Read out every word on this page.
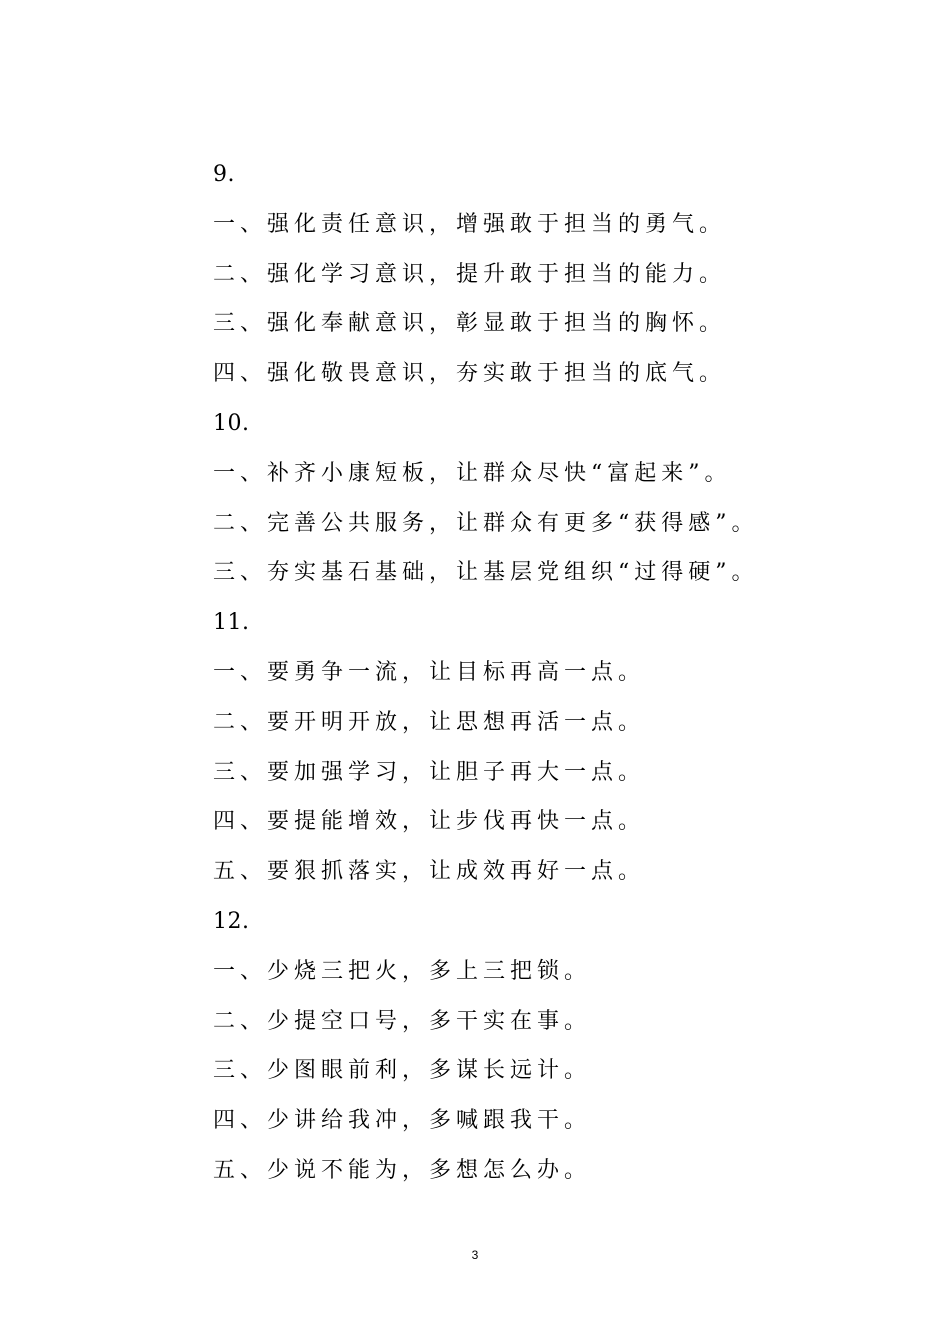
9.
一、强化责任意识，增强敢于担当的勇气。
二、强化学习意识，提升敢于担当的能力。
三、强化奉献意识，彰显敢于担当的胸怀。
四、强化敬畏意识，夯实敢于担当的底气。
10.
一、补齐小康短板，让群众尽快“富起来”。
二、完善公共服务，让群众有更多“获得感”。
三、夯实基石基础，让基层党组织“过得硬”。
11.
一、要勇争一流，让目标再高一点。
二、要开明开放，让思想再活一点。
三、要加强学习，让胆子再大一点。
四、要提能增效，让步伐再快一点。
五、要狠抓落实，让成效再好一点。
12.
一、少烧三把火，多上三把锁。
二、少提空口号，多干实在事。
三、少图眼前利，多谋长远计。
四、少讲给我冲，多喊跟我干。
五、少说不能为，多想怎么办。
3
